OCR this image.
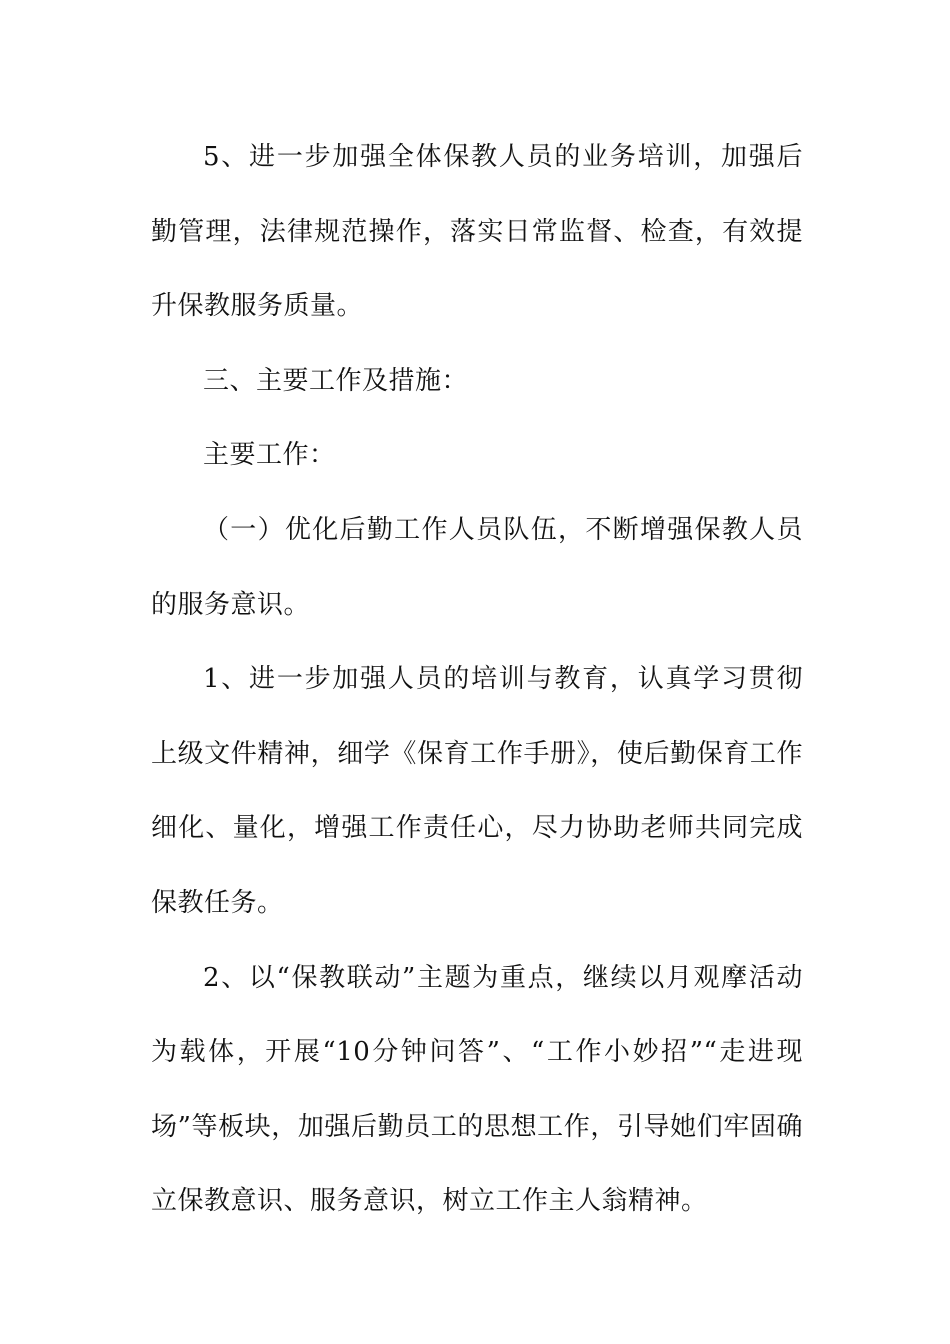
5、进一步加强全体保教人员的业务培训，加强后勤管理，法律规范操作，落实日常监督、检查，有效提升保教服务质量。

三、主要工作及措施：

主要工作：

（一）优化后勤工作人员队伍，不断增强保教人员的服务意识。

1、进一步加强人员的培训与教育，认真学习贯彻上级文件精神，细学《保育工作手册》，使后勤保育工作细化、量化，增强工作责任心，尽力协助老师共同完成保教任务。

2、以“保教联动”主题为重点，继续以月观摩活动为载体，开展“10分钟问答”、“工作小妙招”“走进现场”等板块，加强后勤员工的思想工作，引导她们牢固确立保教意识、服务意识，树立工作主人翁精神。
